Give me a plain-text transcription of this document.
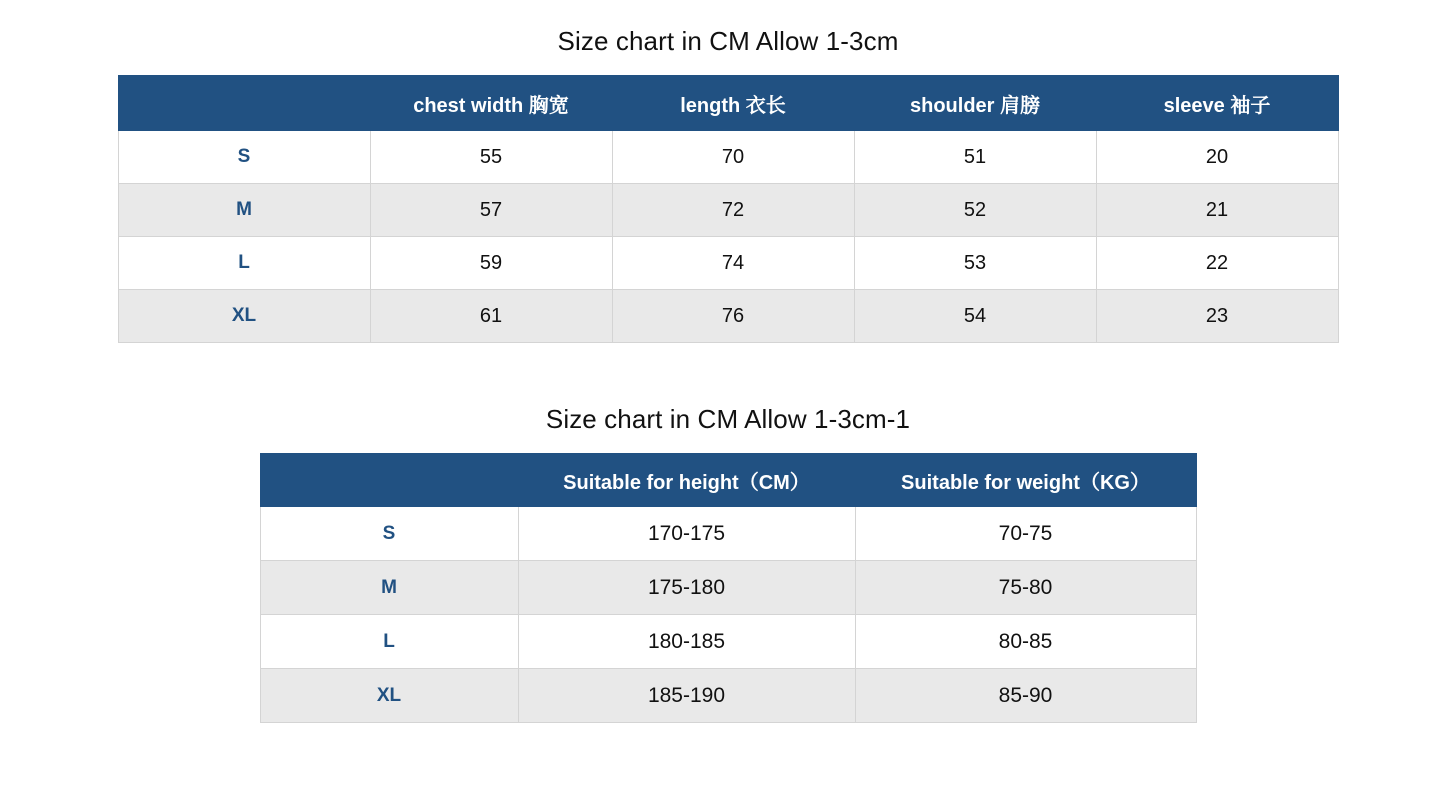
Size chart in CM Allow 1-3cm
	chest width 胸宽	length 衣长	shoulder 肩膀	sleeve 袖子
S	55	70	51	20
M	57	72	52	21
L	59	74	53	22
XL	61	76	54	23
Size chart in CM Allow 1-3cm-1
	Suitable for height（CM）	Suitable for weight（KG）
S	170-175	70-75
M	175-180	75-80
L	180-185	80-85
XL	185-190	85-90
